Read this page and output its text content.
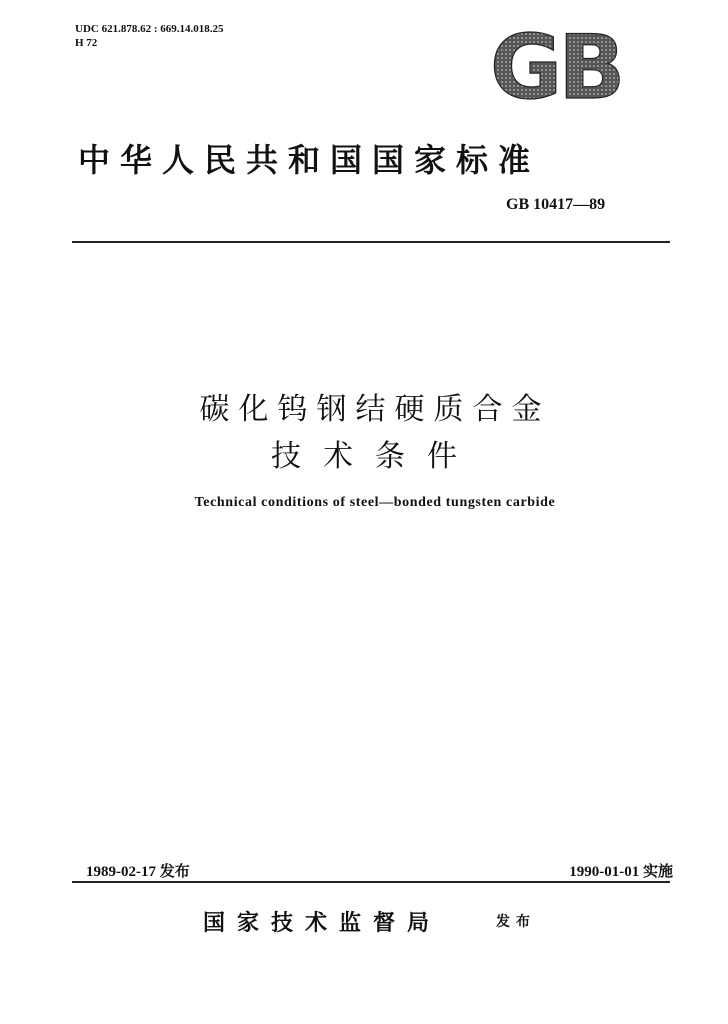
UDC 621.878.62 : 669.14.018.25
H 72	GB
中华人民共和国国家标准
GB 10417—89
碳化钨钢结硬质合金
技术条件
Technical conditions of steel—bonded tungsten carbide
1989-02-17 发布	1990-01-01 实施
国家技术监督局	发布
